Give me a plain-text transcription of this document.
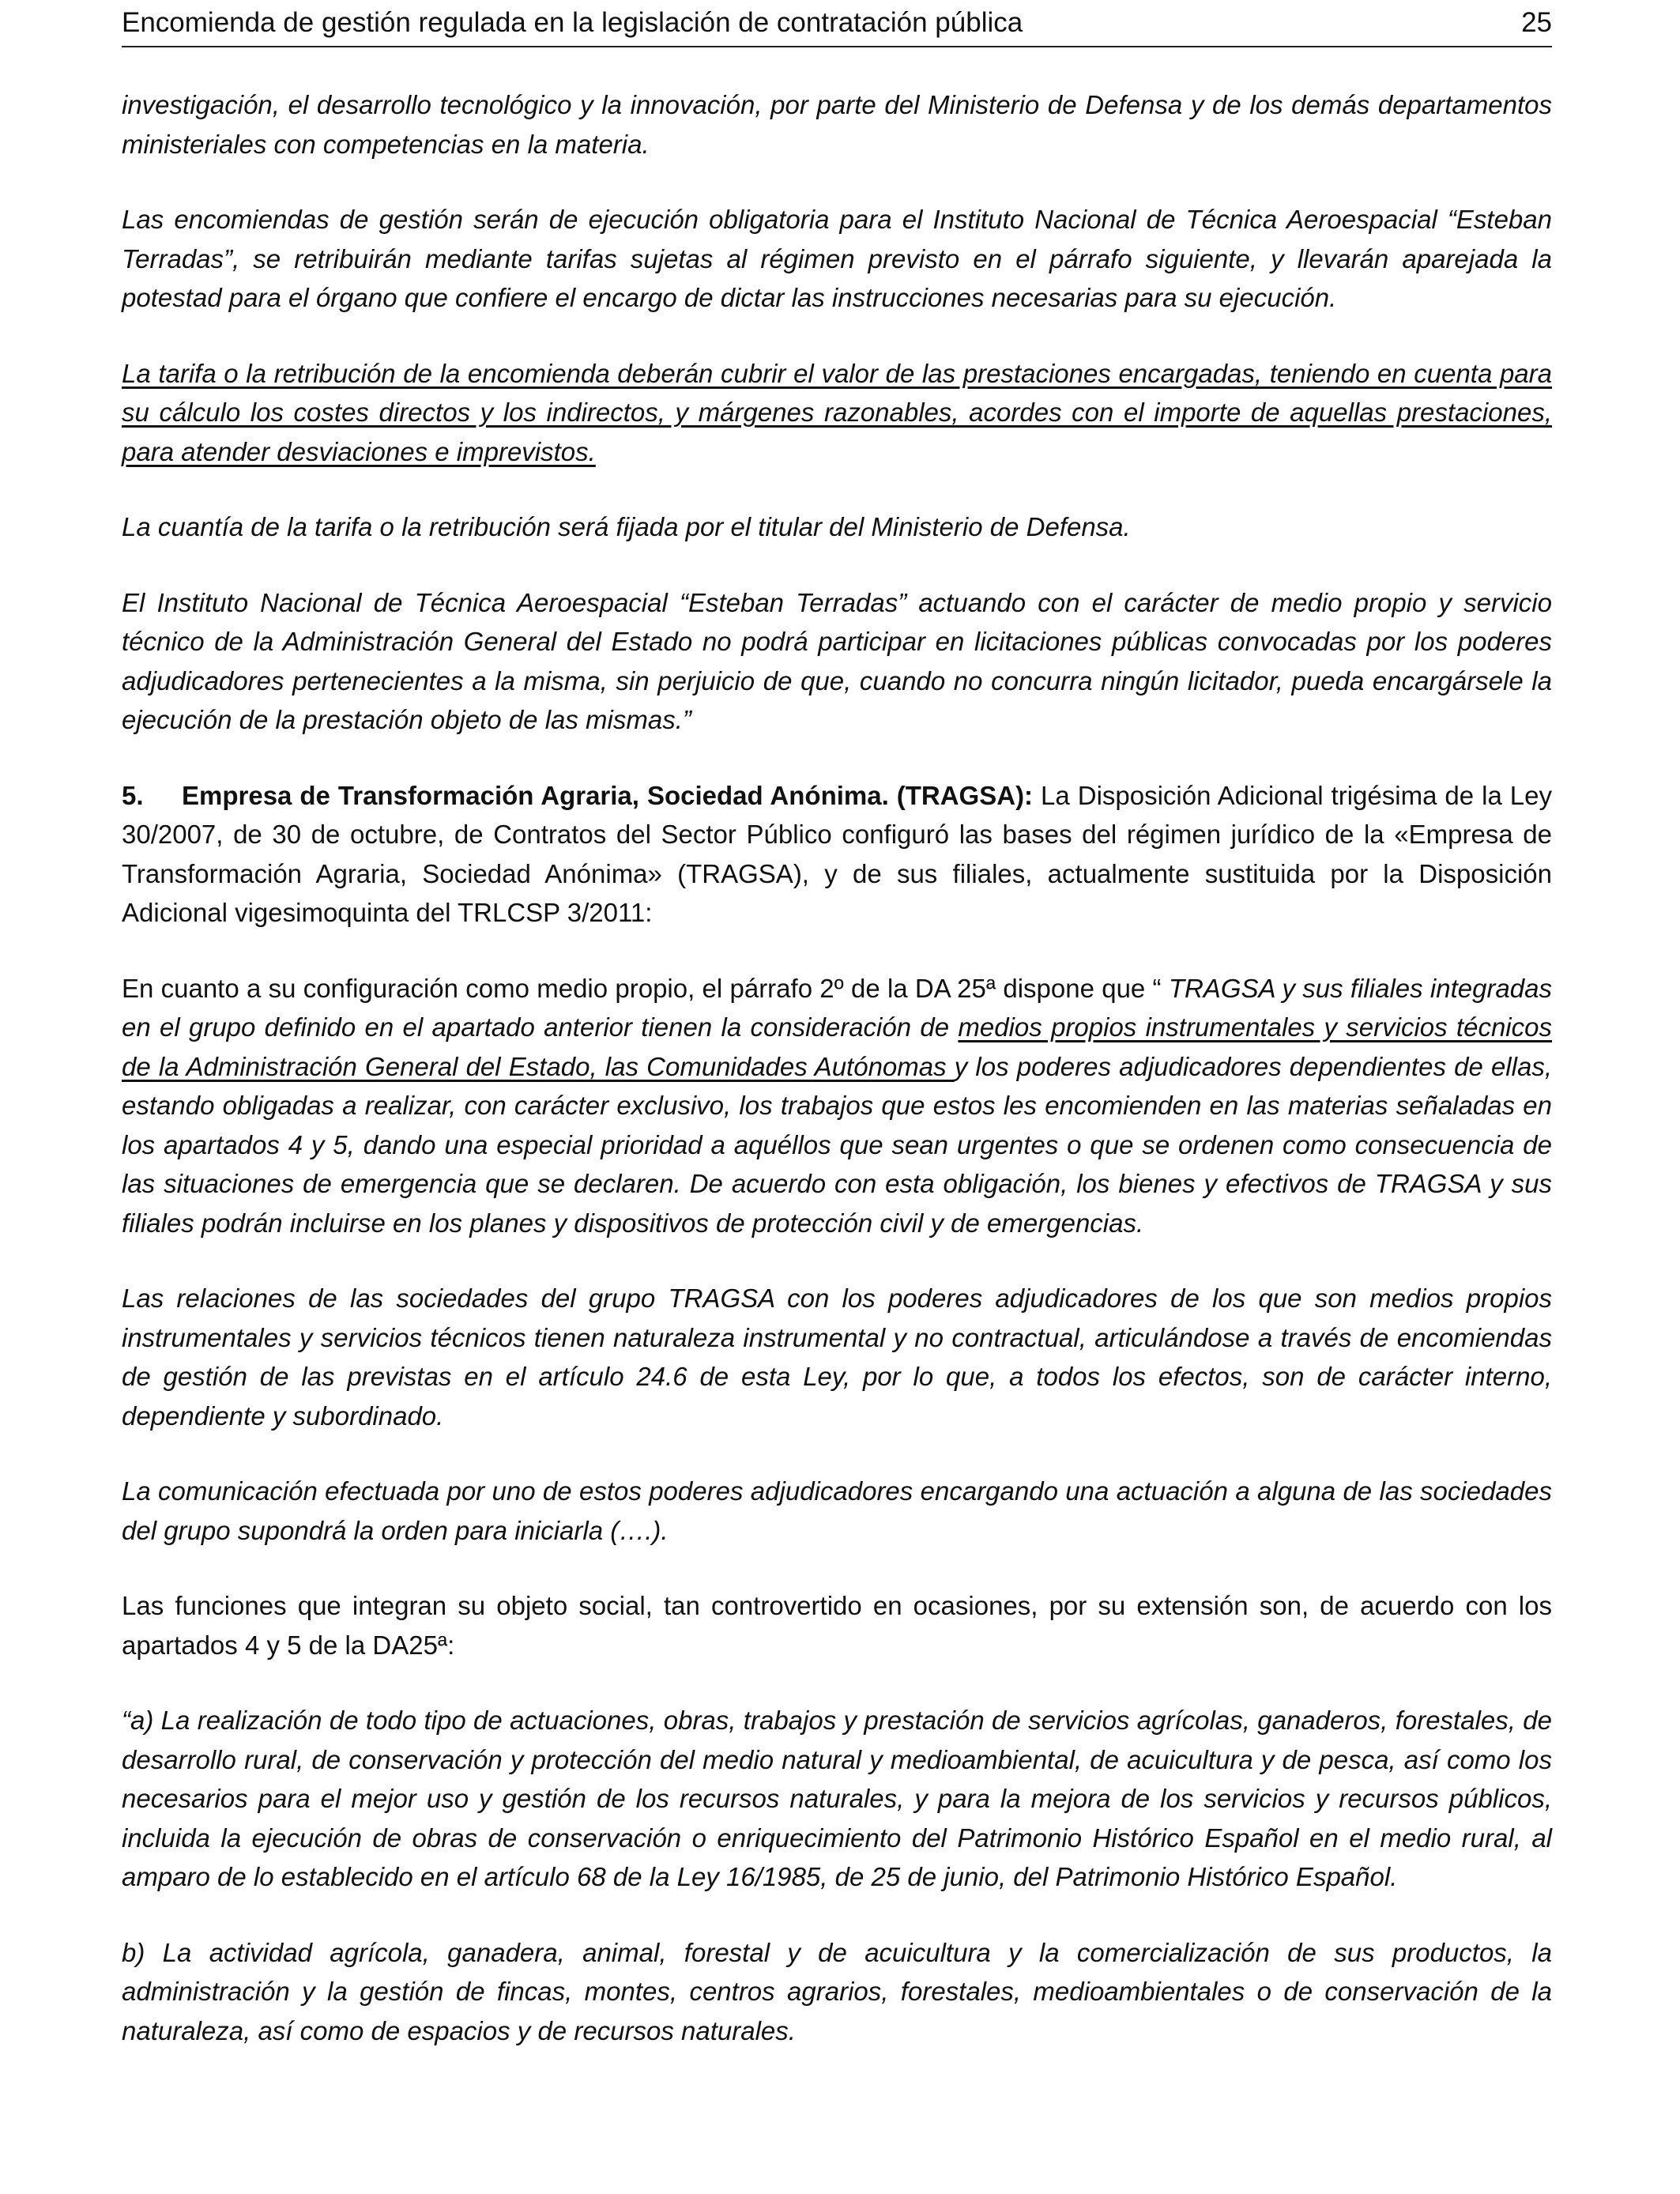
Encomienda de gestión regulada en la legislación de contratación pública	25

investigación, el desarrollo tecnológico y la innovación, por parte del Ministerio de Defensa y de los demás departamentos ministeriales con competencias en la materia.

Las encomiendas de gestión serán de ejecución obligatoria para el Instituto Nacional de Técnica Aeroespacial “Esteban Terradas”, se retribuirán mediante tarifas sujetas al régimen previsto en el párrafo siguiente, y llevarán aparejada la potestad para el órgano que confiere el encargo de dictar las instrucciones necesarias para su ejecución.

La tarifa o la retribución de la encomienda deberán cubrir el valor de las prestaciones encargadas, teniendo en cuenta para su cálculo los costes directos y los indirectos, y márgenes razonables, acordes con el importe de aquellas prestaciones, para atender desviaciones e imprevistos.

La cuantía de la tarifa o la retribución será fijada por el titular del Ministerio de Defensa.

El Instituto Nacional de Técnica Aeroespacial “Esteban Terradas” actuando con el carácter de medio propio y servicio técnico de la Administración General del Estado no podrá participar en licitaciones públicas convocadas por los poderes adjudicadores pertenecientes a la misma, sin perjuicio de que, cuando no concurra ningún licitador, pueda encargársele la ejecución de la prestación objeto de las mismas.”

5. Empresa de Transformación Agraria, Sociedad Anónima. (TRAGSA): La Disposición Adicional trigésima de la Ley 30/2007, de 30 de octubre, de Contratos del Sector Público configuró las bases del régimen jurídico de la «Empresa de Transformación Agraria, Sociedad Anónima» (TRAGSA), y de sus filiales, actualmente sustituida por la Disposición Adicional vigesimoquinta del TRLCSP 3/2011:

En cuanto a su configuración como medio propio, el párrafo 2º de la DA 25ª dispone que “ TRAGSA y sus filiales integradas en el grupo definido en el apartado anterior tienen la consideración de medios propios instrumentales y servicios técnicos de la Administración General del Estado, las Comunidades Autónomas y los poderes adjudicadores dependientes de ellas, estando obligadas a realizar, con carácter exclusivo, los trabajos que estos les encomienden en las materias señaladas en los apartados 4 y 5, dando una especial prioridad a aquéllos que sean urgentes o que se ordenen como consecuencia de las situaciones de emergencia que se declaren. De acuerdo con esta obligación, los bienes y efectivos de TRAGSA y sus filiales podrán incluirse en los planes y dispositivos de protección civil y de emergencias.

Las relaciones de las sociedades del grupo TRAGSA con los poderes adjudicadores de los que son medios propios instrumentales y servicios técnicos tienen naturaleza instrumental y no contractual, articulándose a través de encomiendas de gestión de las previstas en el artículo 24.6 de esta Ley, por lo que, a todos los efectos, son de carácter interno, dependiente y subordinado.

La comunicación efectuada por uno de estos poderes adjudicadores encargando una actuación a alguna de las sociedades del grupo supondrá la orden para iniciarla (….).

Las funciones que integran su objeto social, tan controvertido en ocasiones, por su extensión son, de acuerdo con los apartados 4 y 5 de la DA25ª:

“a) La realización de todo tipo de actuaciones, obras, trabajos y prestación de servicios agrícolas, ganaderos, forestales, de desarrollo rural, de conservación y protección del medio natural y medioambiental, de acuicultura y de pesca, así como los necesarios para el mejor uso y gestión de los recursos naturales, y para la mejora de los servicios y recursos públicos, incluida la ejecución de obras de conservación o enriquecimiento del Patrimonio Histórico Español en el medio rural, al amparo de lo establecido en el artículo 68 de la Ley 16/1985, de 25 de junio, del Patrimonio Histórico Español.

b) La actividad agrícola, ganadera, animal, forestal y de acuicultura y la comercialización de sus productos, la administración y la gestión de fincas, montes, centros agrarios, forestales, medioambientales o de conservación de la naturaleza, así como de espacios y de recursos naturales.
